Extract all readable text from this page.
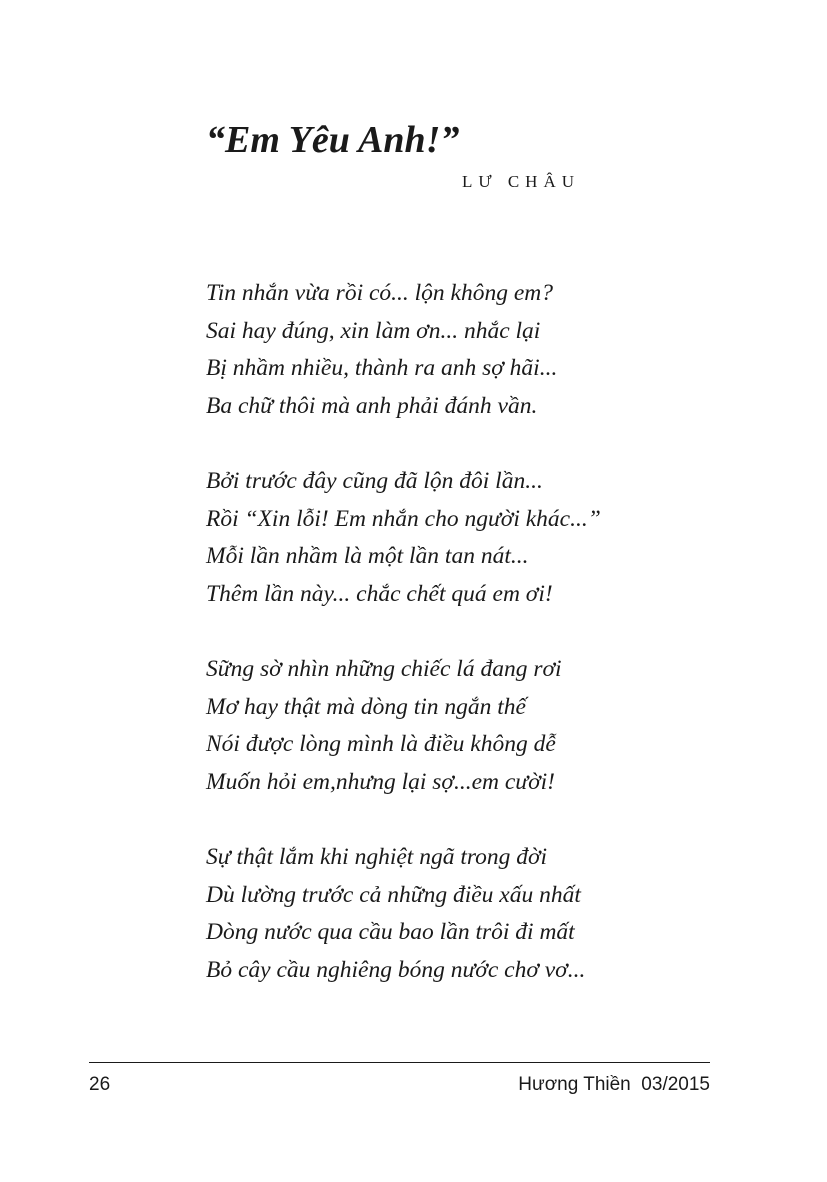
“Em Yêu Anh!”
LƯ CHÂU
Tin nhắn vừa rồi có... lộn không em?
Sai hay đúng, xin làm ơn... nhắc lại
Bị nhầm nhiều, thành ra anh sợ hãi...
Ba chữ thôi mà anh phải đánh vần.
Bởi trước đây cũng đã lộn đôi lần...
Rồi “Xin lỗi! Em nhắn cho người khác...”
Mỗi lần nhầm là một lần tan nát...
Thêm lần này... chắc chết quá em ơi!
Sững sờ nhìn những chiếc lá đang rơi
Mơ hay thật mà dòng tin ngắn thế
Nói được lòng mình là điều không dễ
Muốn hỏi em,nhưng lại sợ...em cười!
Sự thật lắm khi nghiệt ngã trong đời
Dù lường trước cả những điều xấu nhất
Dòng nước qua cầu bao lần trôi đi mất
Bỏ cây cầu nghiêng bóng nước chơ vơ...
26	Hương Thiền  03/2015
